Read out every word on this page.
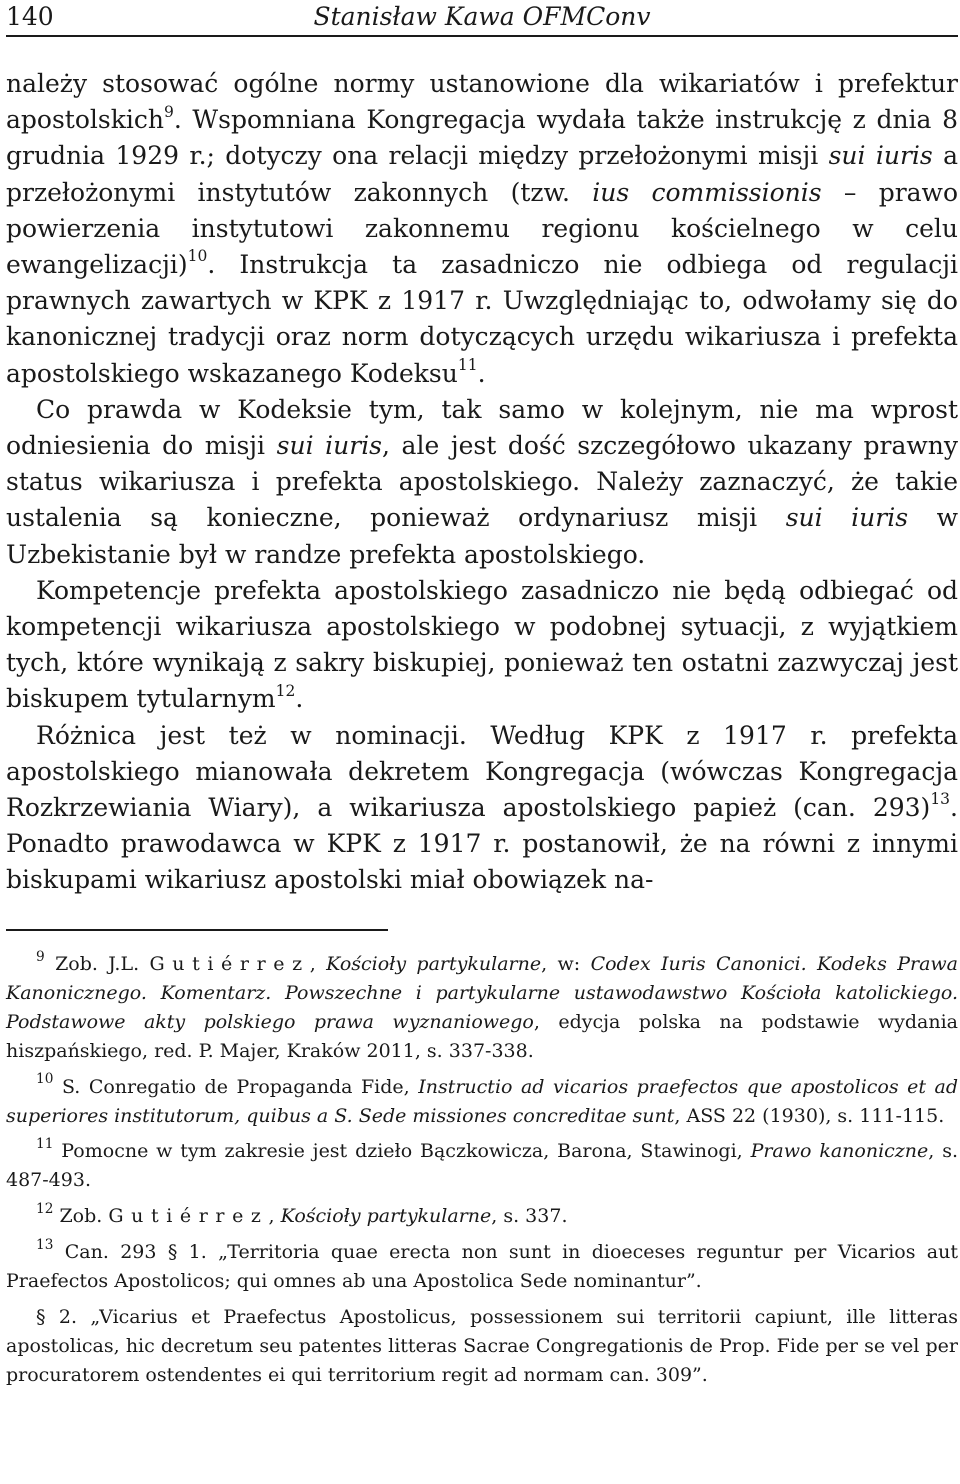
140	Stanisław Kawa OFMConv

należy stosować ogólne normy ustanowione dla wikariatów i prefektur apostolskich$^9$. Wspomniana Kongregacja wydała także instrukcję z dnia 8 grudnia 1929 r.; dotyczy ona relacji między przełożonymi misji sui iuris a przełożonymi instytutów zakonnych (tzw. ius commissionis – prawo powierzenia instytutowi zakonnemu regionu kościelnego w celu ewangelizacji)$^{10}$. Instrukcja ta zasadniczo nie odbiega od regulacji prawnych zawartych w KPK z 1917 r. Uwzględniając to, odwołamy się do kanonicznej tradycji oraz norm dotyczących urzędu wikariusza i prefekta apostolskiego wskazanego Kodeksu$^{11}$.

Co prawda w Kodeksie tym, tak samo w kolejnym, nie ma wprost odniesienia do misji sui iuris, ale jest dość szczegółowo ukazany prawny status wikariusza i prefekta apostolskiego. Należy zaznaczyć, że takie ustalenia są konieczne, ponieważ ordynariusz misji sui iuris w Uzbekistanie był w randze prefekta apostolskiego.

Kompetencje prefekta apostolskiego zasadniczo nie będą odbiegać od kompetencji wikariusza apostolskiego w podobnej sytuacji, z wyjątkiem tych, które wynikają z sakry biskupiej, ponieważ ten ostatni zazwyczaj jest biskupem tytularnym$^{12}$.

Różnica jest też w nominacji. Według KPK z 1917 r. prefekta apostolskiego mianowała dekretem Kongregacja (wówczas Kongregacja Rozkrzewiania Wiary), a wikariusza apostolskiego papież (can. 293)$^{13}$. Ponadto prawodawca w KPK z 1917 r. postanowił, że na równi z innymi biskupami wikariusz apostolski miał obowiązek na-

$^9$ Zob. J.L. Gutiérrez, Kościoły partykularne, w: Codex Iuris Canonici. Kodeks Prawa Kanonicznego. Komentarz. Powszechne i partykularne ustawodawstwo Kościoła katolickiego. Podstawowe akty polskiego prawa wyznaniowego, edycja polska na podstawie wydania hiszpańskiego, red. P. Majer, Kraków 2011, s. 337-338.

$^{10}$ S. Conregatio de Propaganda Fide, Instructio ad vicarios praefectos que apostolicos et ad superiores institutorum, quibus a S. Sede missiones concreditae sunt, ASS 22 (1930), s. 111-115.

$^{11}$ Pomocne w tym zakresie jest dzieło Bączkowicza, Barona, Stawinogi, Prawo kanoniczne, s. 487-493.

$^{12}$ Zob. Gutiérrez, Kościoły partykularne, s. 337.

$^{13}$ Can. 293 § 1. „Territoria quae erecta non sunt in dioeceses reguntur per Vicarios aut Praefectos Apostolicos; qui omnes ab una Apostolica Sede nominantur”.

§ 2. „Vicarius et Praefectus Apostolicus, possessionem sui territorii capiunt, ille litteras apostolicas, hic decretum seu patentes litteras Sacrae Congregationis de Prop. Fide per se vel per procuratorem ostendentes ei qui territorium regit ad normam can. 309”.
